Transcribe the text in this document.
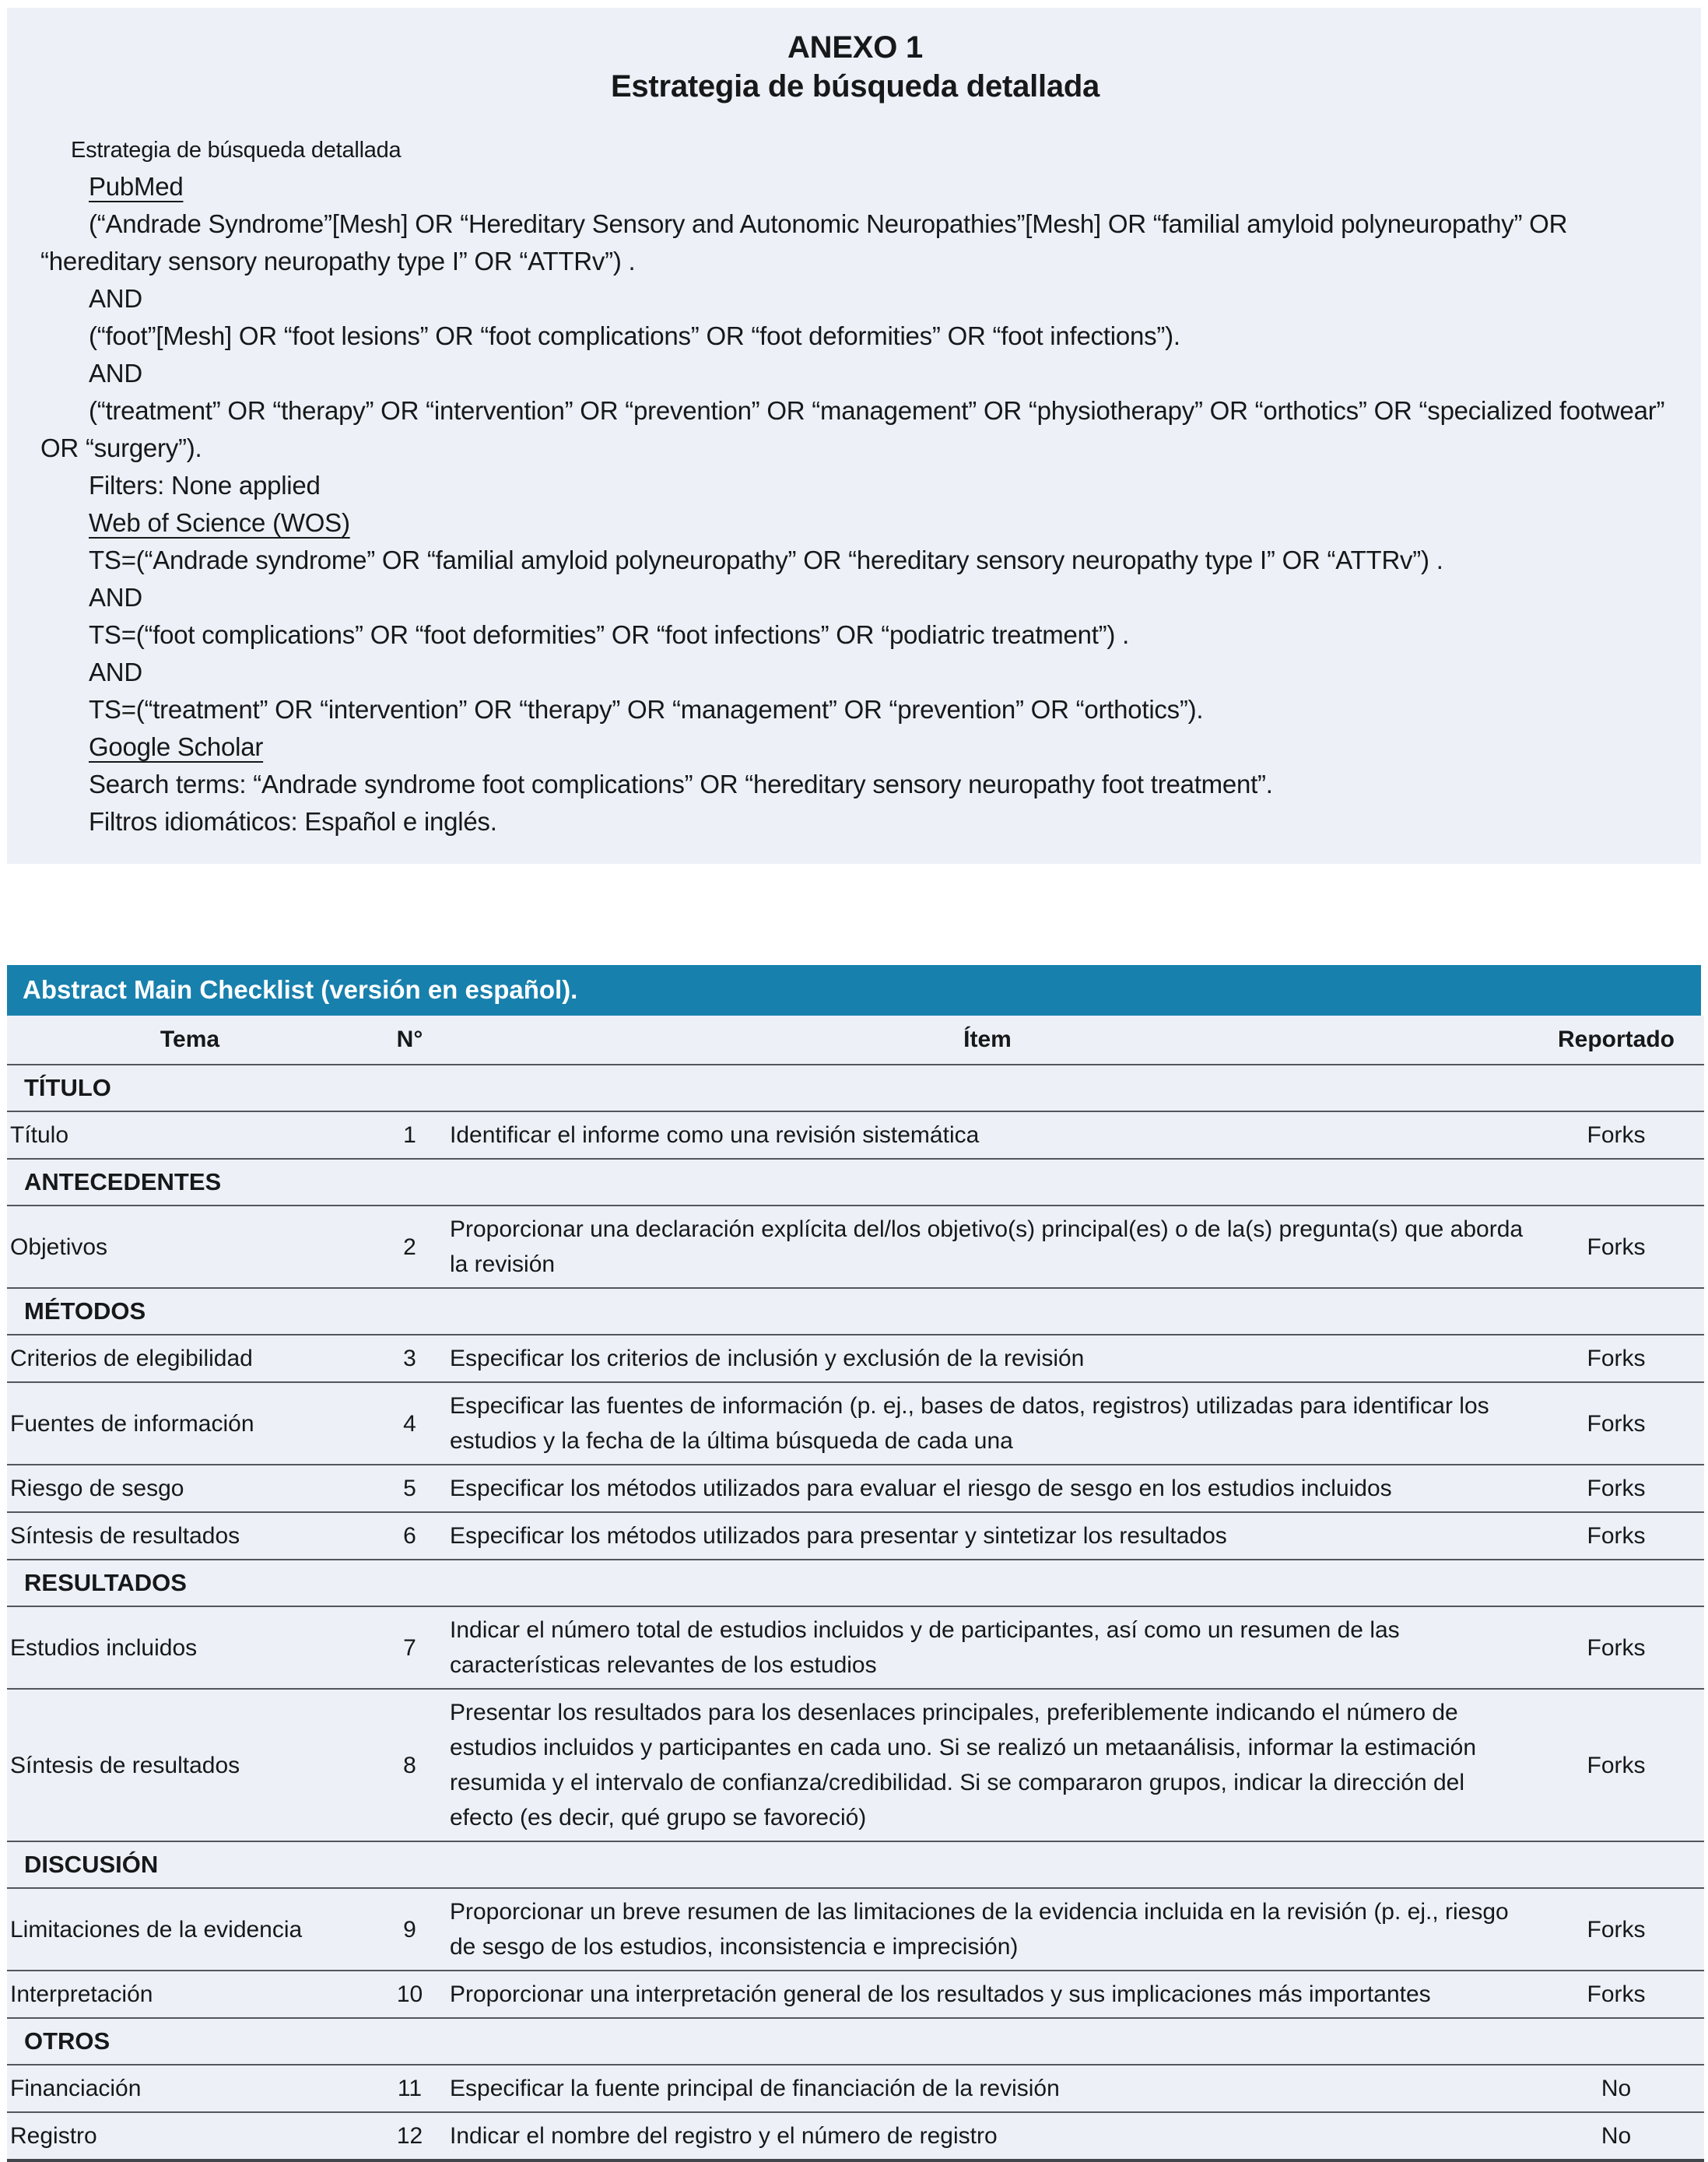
ANEXO 1

Estrategia de búsqueda detallada

Estrategia de búsqueda detallada

PubMed

(“Andrade Syndrome”[Mesh] OR “Hereditary Sensory and Autonomic Neuropathies”[Mesh] OR “familial amyloid polyneuropathy” OR “hereditary sensory neuropathy type I” OR “ATTRv”) .

AND

(“foot”[Mesh] OR “foot lesions” OR “foot complications” OR “foot deformities” OR “foot infections”).

AND

(“treatment” OR “therapy” OR “intervention” OR “prevention” OR “management” OR “physiotherapy” OR “orthotics” OR “specialized footwear” OR “surgery”).

Filters: None applied

Web of Science (WOS)

TS=(“Andrade syndrome” OR “familial amyloid polyneuropathy” OR “hereditary sensory neuropathy type I” OR “ATTRv”) .

AND

TS=(“foot complications” OR “foot deformities” OR “foot infections” OR “podiatric treatment”) .

AND

TS=(“treatment” OR “intervention” OR “therapy” OR “management” OR “prevention” OR “orthotics”).

Google Scholar

Search terms: “Andrade syndrome foot complications” OR “hereditary sensory neuropathy foot treatment”.

Filtros idiomáticos: Español e inglés.

Abstract Main Checklist (versión en español).
Tema	N°	Ítem	Reportado
TÍTULO			
Título	1	Identificar el informe como una revisión sistemática	Forks
ANTECEDENTES			
Objetivos	2	Proporcionar una declaración explícita del/los objetivo(s) principal(es) o de la(s) pregunta(s) que aborda la revisión	Forks
MÉTODOS			
Criterios de elegibilidad	3	Especificar los criterios de inclusión y exclusión de la revisión	Forks
Fuentes de información	4	Especificar las fuentes de información (p. ej., bases de datos, registros) utilizadas para identificar los estudios y la fecha de la última búsqueda de cada una	Forks
Riesgo de sesgo	5	Especificar los métodos utilizados para evaluar el riesgo de sesgo en los estudios incluidos	Forks
Síntesis de resultados	6	Especificar los métodos utilizados para presentar y sintetizar los resultados	Forks
RESULTADOS			
Estudios incluidos	7	Indicar el número total de estudios incluidos y de participantes, así como un resumen de las características relevantes de los estudios	Forks
Síntesis de resultados	8	Presentar los resultados para los desenlaces principales, preferiblemente indicando el número de estudios incluidos y participantes en cada uno. Si se realizó un metaanálisis, informar la estimación resumida y el intervalo de confianza/credibilidad. Si se compararon grupos, indicar la dirección del efecto (es decir, qué grupo se favoreció)	Forks
DISCUSIÓN			
Limitaciones de la evidencia	9	Proporcionar un breve resumen de las limitaciones de la evidencia incluida en la revisión (p. ej., riesgo de sesgo de los estudios, inconsistencia e imprecisión)	Forks
Interpretación	10	Proporcionar una interpretación general de los resultados y sus implicaciones más importantes	Forks
OTROS			
Financiación	11	Especificar la fuente principal de financiación de la revisión	No
Registro	12	Indicar el nombre del registro y el número de registro	No
